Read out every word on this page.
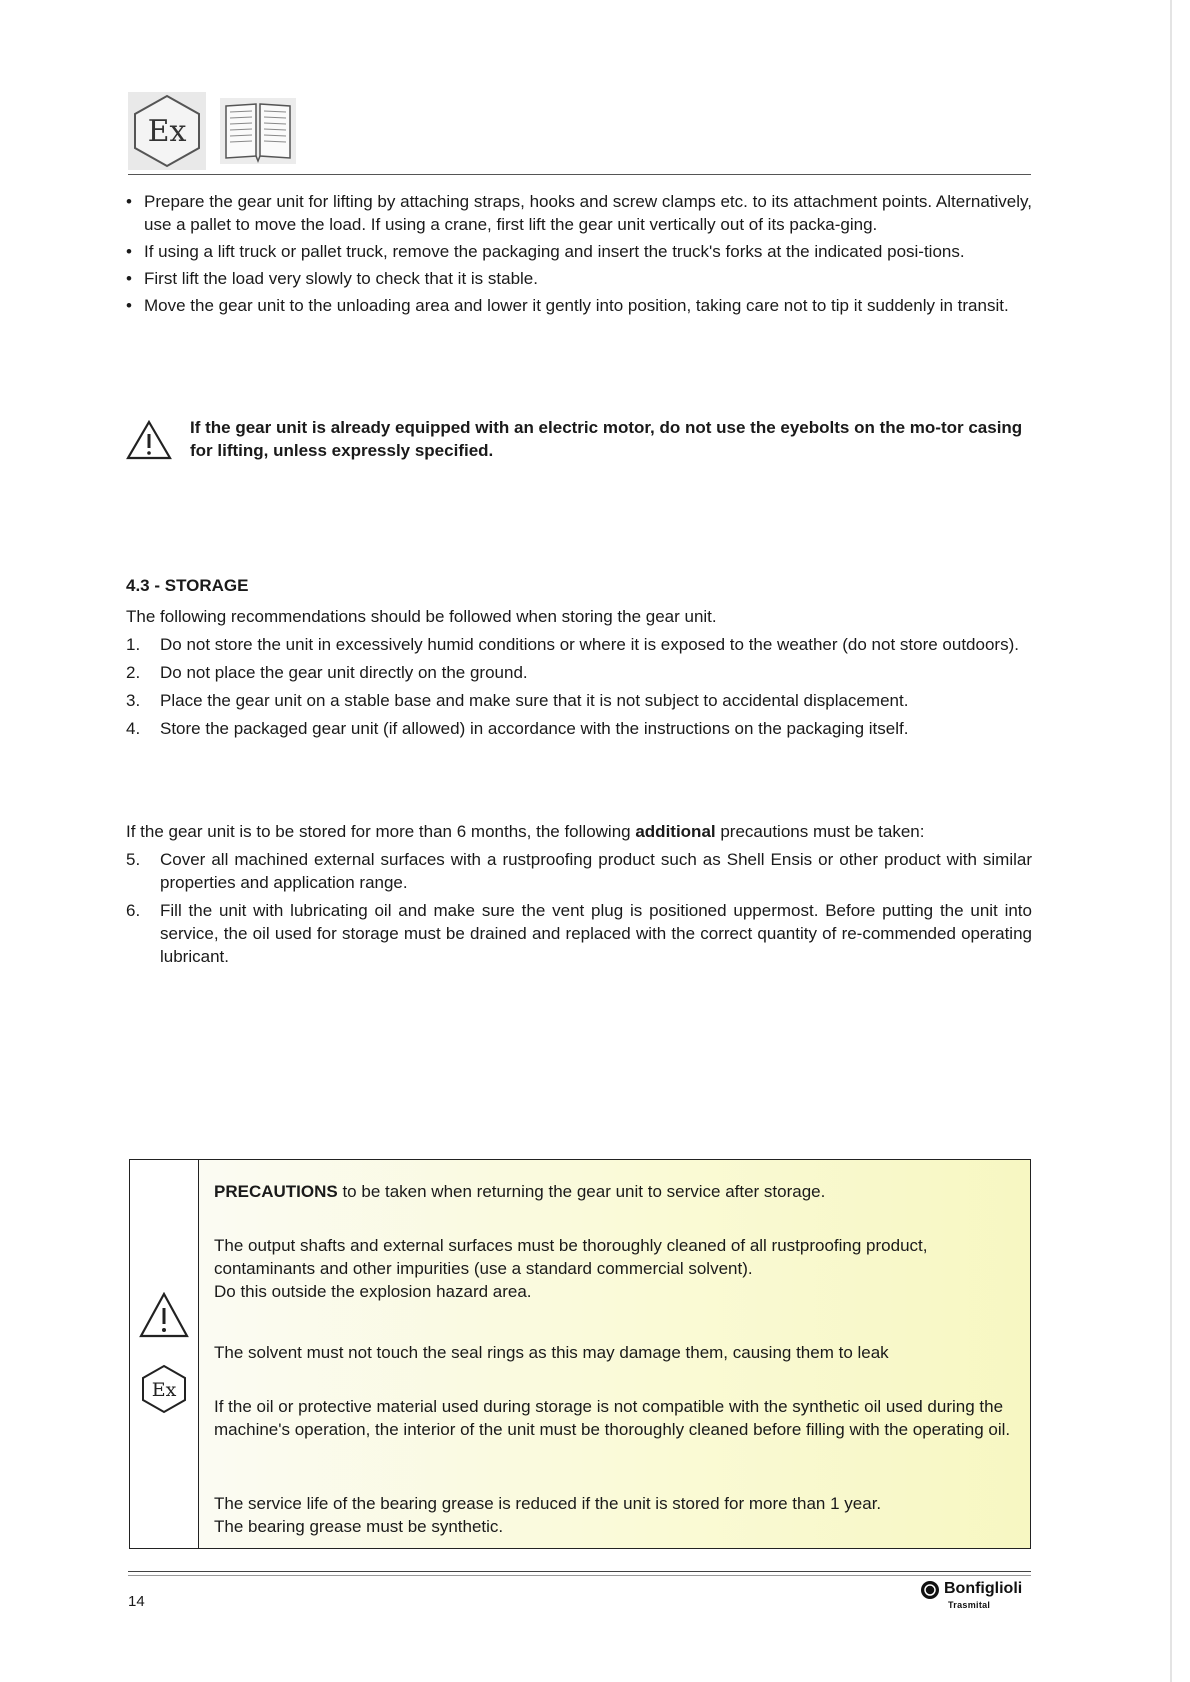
Ex
• Prepare the gear unit for lifting by attaching straps, hooks and screw clamps etc. to its attachment points. Alternatively, use a pallet to move the load. If using a crane, first lift the gear unit vertically out of its packa-ging.
• If using a lift truck or pallet truck, remove the packaging and insert the truck's forks at the indicated posi-tions.
• First lift the load very slowly to check that it is stable.
• Move the gear unit to the unloading area and lower it gently into position, taking care not to tip it suddenly in transit.
If the gear unit is already equipped with an electric motor, do not use the eyebolts on the mo-tor casing for lifting, unless expressly specified.
4.3 - STORAGE
The following recommendations should be followed when storing the gear unit.
1. Do not store the unit in excessively humid conditions or where it is exposed to the weather (do not store outdoors).
2. Do not place the gear unit directly on the ground.
3. Place the gear unit on a stable base and make sure that it is not subject to accidental displacement.
4. Store the packaged gear unit (if allowed) in accordance with the instructions on the packaging itself.
If the gear unit is to be stored for more than 6 months, the following additional precautions must be taken:
5. Cover all machined external surfaces with a rustproofing product such as Shell Ensis or other product with similar properties and application range.
6. Fill the unit with lubricating oil and make sure the vent plug is positioned uppermost. Before putting the unit into service, the oil used for storage must be drained and replaced with the correct quantity of re-commended operating lubricant.
Ex
PRECAUTIONS to be taken when returning the gear unit to service after storage.
The output shafts and external surfaces must be thoroughly cleaned of all rustproofing product, contaminants and other impurities (use a standard commercial solvent).
Do this outside the explosion hazard area.
The solvent must not touch the seal rings as this may damage them, causing them to leak
If the oil or protective material used during storage is not compatible with the synthetic oil used during the machine's operation, the interior of the unit must be thoroughly cleaned before filling with the operating oil.
The service life of the bearing grease is reduced if the unit is stored for more than 1 year.
The bearing grease must be synthetic.
14
Bonfiglioli
Trasmital
